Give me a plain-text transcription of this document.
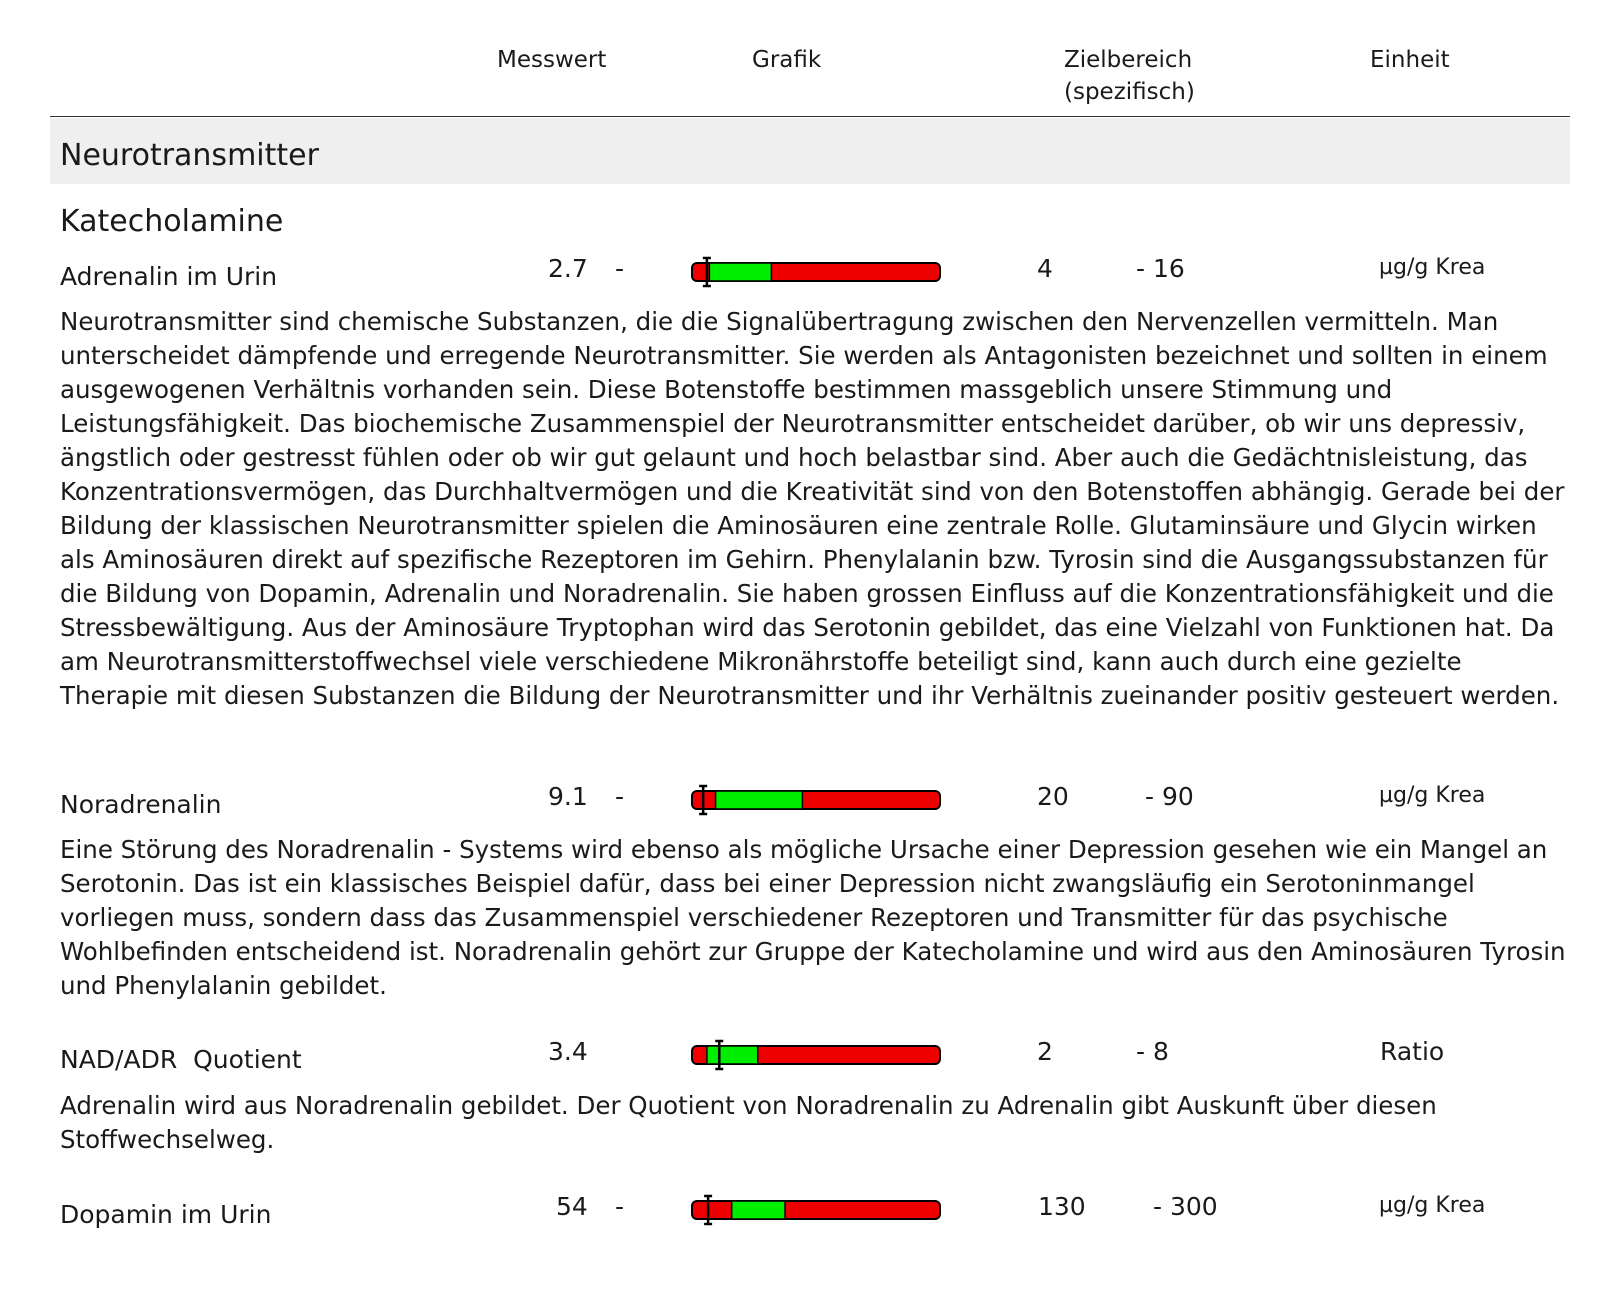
Messwert	Grafik	Zielbereich
(spezifisch)
Einheit
Neurotransmitter
Katecholamine
Adrenalin im Urin	2.7 -	4	- 16	µg/g Krea

Neurotransmitter sind chemische Substanzen, die die Signalübertragung zwischen den Nervenzellen vermitteln. Man unterscheidet dämpfende und erregende Neurotransmitter. Sie werden als Antagonisten bezeichnet und sollten in einem ausgewogenen Verhältnis vorhanden sein. Diese Botenstoffe bestimmen massgeblich unsere Stimmung und Leistungsfähigkeit. Das biochemische Zusammenspiel der Neurotransmitter entscheidet darüber, ob wir uns depressiv, ängstlich oder gestresst fühlen oder ob wir gut gelaunt und hoch belastbar sind. Aber auch die Gedächtnisleistung, das Konzentrationsvermögen, das Durchhaltvermögen und die Kreativität sind von den Botenstoffen abhängig. Gerade bei der Bildung der klassischen Neurotransmitter spielen die Aminosäuren eine zentrale Rolle. Glutaminsäure und Glycin wirken als Aminosäuren direkt auf spezifische Rezeptoren im Gehirn. Phenylalanin bzw. Tyrosin sind die Ausgangssubstanzen für die Bildung von Dopamin, Adrenalin und Noradrenalin. Sie haben grossen Einfluss auf die Konzentrationsfähigkeit und die Stressbewältigung. Aus der Aminosäure Tryptophan wird das Serotonin gebildet, das eine Vielzahl von Funktionen hat. Da am Neurotransmitterstoffwechsel viele verschiedene Mikronährstoffe beteiligt sind, kann auch durch eine gezielte Therapie mit diesen Substanzen die Bildung der Neurotransmitter und ihr Verhältnis zueinander positiv gesteuert werden.

Noradrenalin	9.1 -	20	- 90	µg/g Krea

Eine Störung des Noradrenalin - Systems wird ebenso als mögliche Ursache einer Depression gesehen wie ein Mangel an Serotonin. Das ist ein klassisches Beispiel dafür, dass bei einer Depression nicht zwangsläufig ein Serotoninmangel vorliegen muss, sondern dass das Zusammenspiel verschiedener Rezeptoren und Transmitter für das psychische Wohlbefinden entscheidend ist. Noradrenalin gehört zur Gruppe der Katecholamine und wird aus den Aminosäuren Tyrosin und Phenylalanin gebildet.

NAD/ADR  Quotient	3.4	2	- 8	Ratio

Adrenalin wird aus Noradrenalin gebildet. Der Quotient von Noradrenalin zu Adrenalin gibt Auskunft über diesen Stoffwechselweg.

Dopamin im Urin	54 -	130	- 300	µg/g Krea
